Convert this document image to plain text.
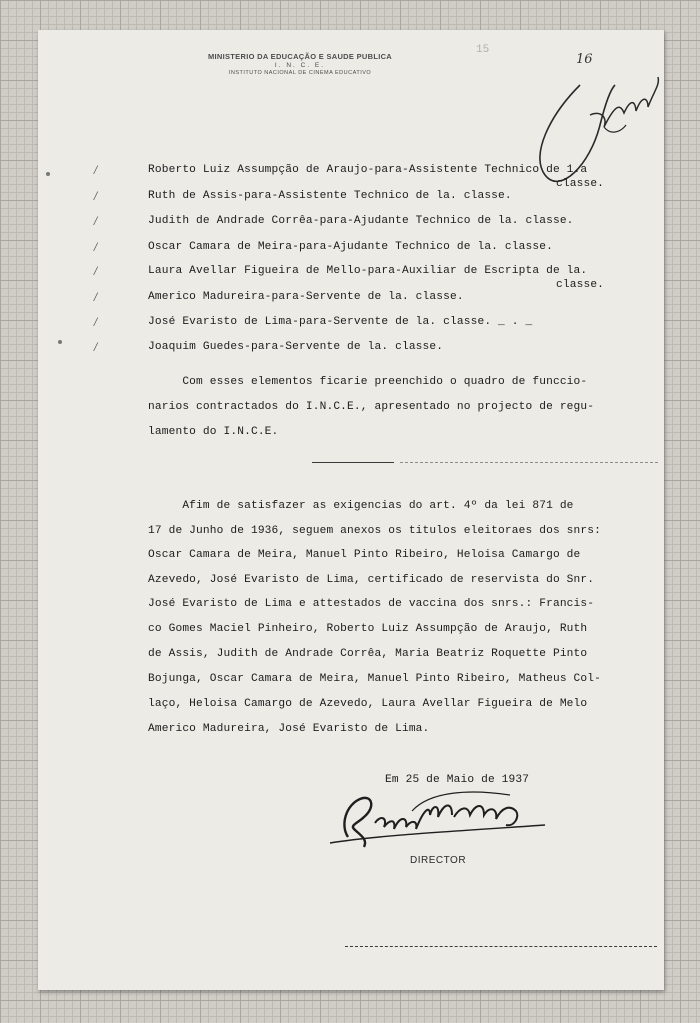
MINISTERIO DA EDUCAÇÃO E SAUDE PUBLICA
I. N. C. E.
INSTITUTO NACIONAL DE CINEMA EDUCATIVO
15
16
/	Roberto Luiz Assumpção de Araujo-para-Assistente Technico de 1.a
classe.
/	Ruth de Assis-para-Assistente Technico de la. classe.
/	Judith de Andrade Corrêa-para-Ajudante Technico de la. classe.
/	Oscar Camara de Meira-para-Ajudante Technico de la. classe.
/	Laura Avellar Figueira de Mello-para-Auxiliar de Escripta de la.
classe.
/	Americo Madureira-para-Servente de la. classe.
/	José Evaristo de Lima-para-Servente de la. classe. _ . _
/	Joaquim Guedes-para-Servente de la. classe.
Com esses elementos ficarie preenchido o quadro de funccio-
narios contractados do I.N.C.E., apresentado no projecto de regu-
lamento do I.N.C.E.
Afim de satisfazer as exigencias do art. 4º da lei 871 de
17 de Junho de 1936, seguem anexos os titulos eleitoraes dos snrs:
Oscar Camara de Meira, Manuel Pinto Ribeiro, Heloisa Camargo de
Azevedo, José Evaristo de Lima, certificado de reservista do Snr.
José Evaristo de Lima e attestados de vaccina dos snrs.: Francis-
co Gomes Maciel Pinheiro, Roberto Luiz Assumpção de Araujo, Ruth
de Assis, Judith de Andrade Corrêa, Maria Beatriz Roquette Pinto
Bojunga, Oscar Camara de Meira, Manuel Pinto Ribeiro, Matheus Col-
laço, Heloisa Camargo de Azevedo, Laura Avellar Figueira de Melo
Americo Madureira, José Evaristo de Lima.
Em 25 de Maio de 1937
DIRECTOR
